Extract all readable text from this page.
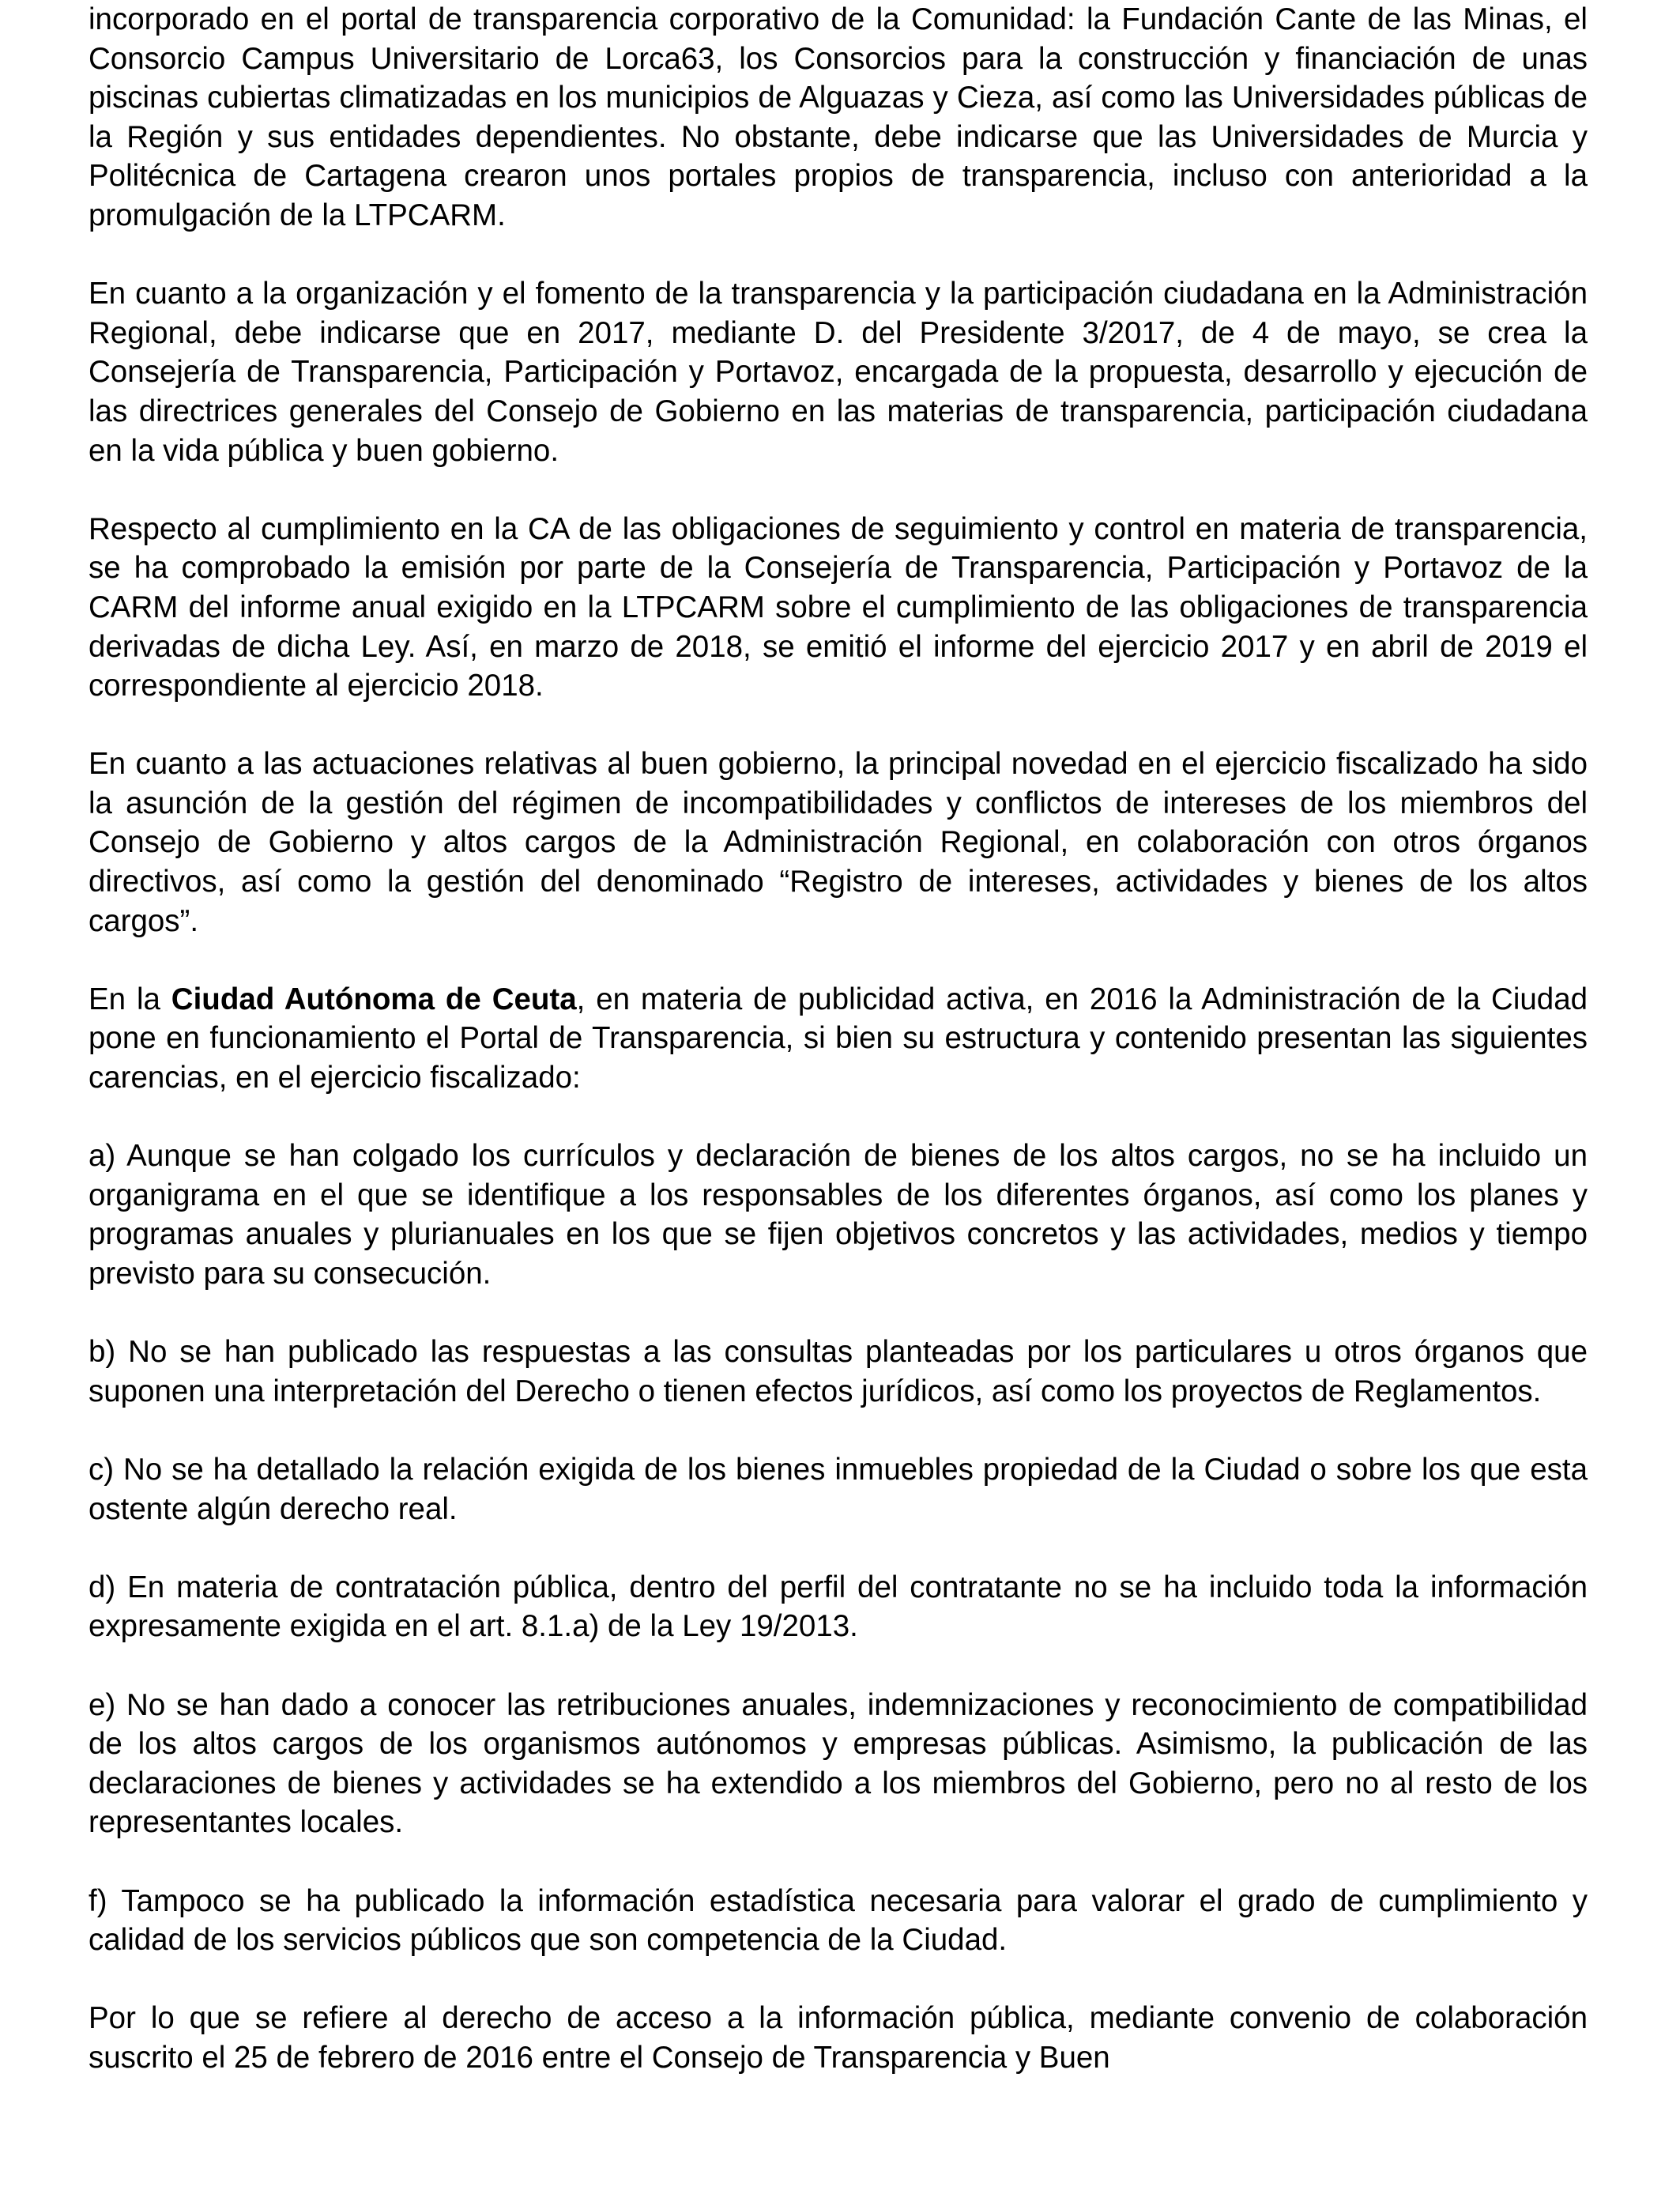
incorporado en el portal de transparencia corporativo de la Comunidad: la Fundación Cante de las Minas, el Consorcio Campus Universitario de Lorca63, los Consorcios para la construcción y financiación de unas piscinas cubiertas climatizadas en los municipios de Alguazas y Cieza, así como las Universidades públicas de la Región y sus entidades dependientes. No obstante, debe indicarse que las Universidades de Murcia y Politécnica de Cartagena crearon unos portales propios de transparencia, incluso con anterioridad a la promulgación de la LTPCARM.

En cuanto a la organización y el fomento de la transparencia y la participación ciudadana en la Administración Regional, debe indicarse que en 2017, mediante D. del Presidente 3/2017, de 4 de mayo, se crea la Consejería de Transparencia, Participación y Portavoz, encargada de la propuesta, desarrollo y ejecución de las directrices generales del Consejo de Gobierno en las materias de transparencia, participación ciudadana en la vida pública y buen gobierno.

Respecto al cumplimiento en la CA de las obligaciones de seguimiento y control en materia de transparencia, se ha comprobado la emisión por parte de la Consejería de Transparencia, Participación y Portavoz de la CARM del informe anual exigido en la LTPCARM sobre el cumplimiento de las obligaciones de transparencia derivadas de dicha Ley. Así, en marzo de 2018, se emitió el informe del ejercicio 2017 y en abril de 2019 el correspondiente al ejercicio 2018.

En cuanto a las actuaciones relativas al buen gobierno, la principal novedad en el ejercicio fiscalizado ha sido la asunción de la gestión del régimen de incompatibilidades y conflictos de intereses de los miembros del Consejo de Gobierno y altos cargos de la Administración Regional, en colaboración con otros órganos directivos, así como la gestión del denominado “Registro de intereses, actividades y bienes de los altos cargos”.

En la Ciudad Autónoma de Ceuta, en materia de publicidad activa, en 2016 la Administración de la Ciudad pone en funcionamiento el Portal de Transparencia, si bien su estructura y contenido presentan las siguientes carencias, en el ejercicio fiscalizado:

a) Aunque se han colgado los currículos y declaración de bienes de los altos cargos, no se ha incluido un organigrama en el que se identifique a los responsables de los diferentes órganos, así como los planes y programas anuales y plurianuales en los que se fijen objetivos concretos y las actividades, medios y tiempo previsto para su consecución.

b) No se han publicado las respuestas a las consultas planteadas por los particulares u otros órganos que suponen una interpretación del Derecho o tienen efectos jurídicos, así como los proyectos de Reglamentos.

c) No se ha detallado la relación exigida de los bienes inmuebles propiedad de la Ciudad o sobre los que esta ostente algún derecho real.

d) En materia de contratación pública, dentro del perfil del contratante no se ha incluido toda la información expresamente exigida en el art. 8.1.a) de la Ley 19/2013.

e) No se han dado a conocer las retribuciones anuales, indemnizaciones y reconocimiento de compatibilidad de los altos cargos de los organismos autónomos y empresas públicas. Asimismo, la publicación de las declaraciones de bienes y actividades se ha extendido a los miembros del Gobierno, pero no al resto de los representantes locales.

f) Tampoco se ha publicado la información estadística necesaria para valorar el grado de cumplimiento y calidad de los servicios públicos que son competencia de la Ciudad.

Por lo que se refiere al derecho de acceso a la información pública, mediante convenio de colaboración suscrito el 25 de febrero de 2016 entre el Consejo de Transparencia y Buen
